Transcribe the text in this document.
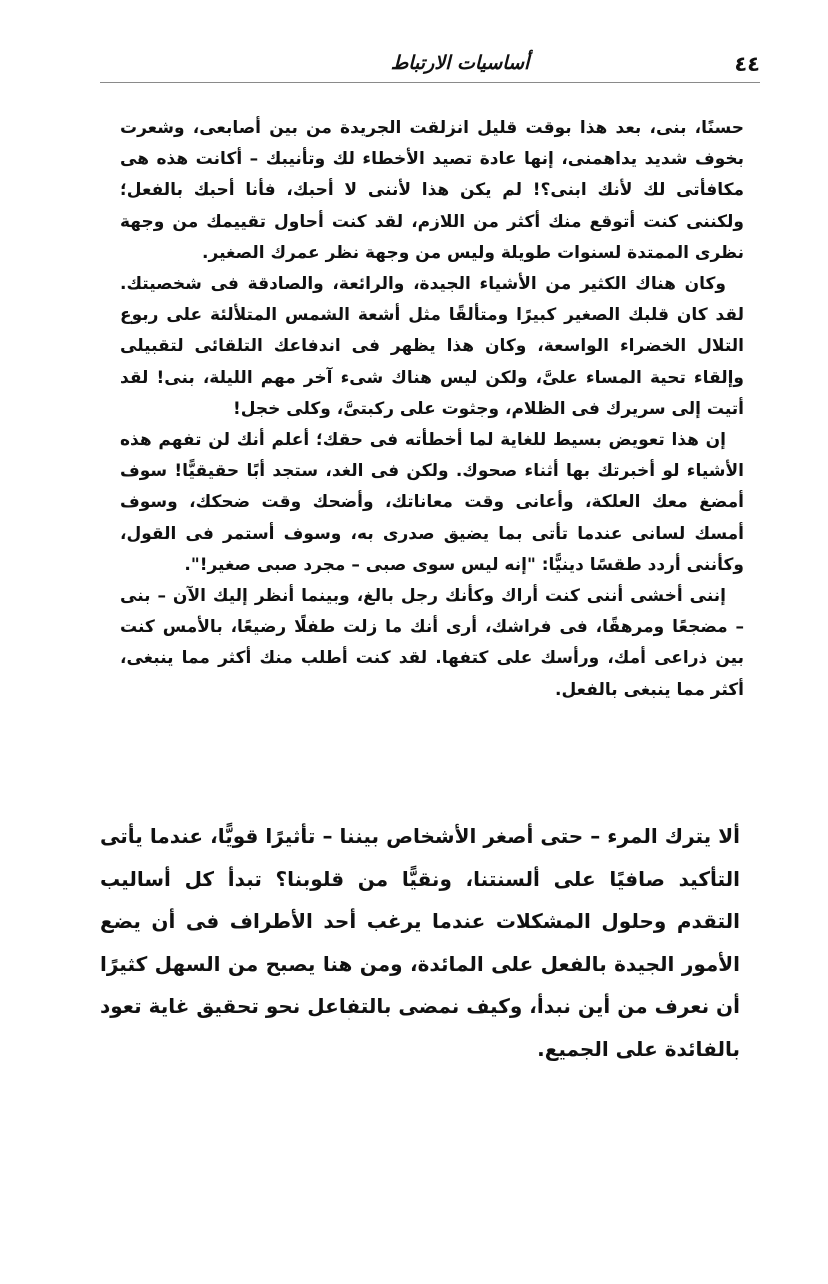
٤٤
أساسيات الارتباط

حسنًا، بنى، بعد هذا بوقت قليل انزلقت الجريدة من بين أصابعى، وشعرت بخوف شديد يداهمنى، إنها عادة تصيد الأخطاء لك وتأنيبك – أكانت هذه هى مكافأتى لك لأنك ابنى؟! لم يكن هذا لأننى لا أحبك، فأنا أحبك بالفعل؛ ولكننى كنت أتوقع منك أكثر من اللازم، لقد كنت أحاول تقييمك من وجهة نظرى الممتدة لسنوات طويلة وليس من وجهة نظر عمرك الصغير.

وكان هناك الكثير من الأشياء الجيدة، والرائعة، والصادقة فى شخصيتك. لقد كان قلبك الصغير كبيرًا ومتألقًا مثل أشعة الشمس المتلألئة على ربوع التلال الخضراء الواسعة، وكان هذا يظهر فى اندفاعك التلقائى لتقبيلى وإلقاء تحية المساء علىَّ، ولكن ليس هناك شىء آخر مهم الليلة، بنى! لقد أتيت إلى سريرك فى الظلام، وجثوت على ركبتىَّ، وكلى خجل!

إن هذا تعويض بسيط للغاية لما أخطأته فى حقك؛ أعلم أنك لن تفهم هذه الأشياء لو أخبرتك بها أثناء صحوك. ولكن فى الغد، ستجد أبًا حقيقيًّا! سوف أمضغ معك العلكة، وأعانى وقت معاناتك، وأضحك وقت ضحكك، وسوف أمسك لسانى عندما تأتى بما يضيق صدرى به، وسوف أستمر فى القول، وكأننى أردد طقسًا دينيًّا: "إنه ليس سوى صبى – مجرد صبى صغير!".

إننى أخشى أننى كنت أراك وكأنك رجل بالغ، وبينما أنظر إليك الآن – بنى – مضجعًا ومرهقًا، فى فراشك، أرى أنك ما زلت طفلًا رضيعًا، بالأمس كنت بين ذراعى أمك، ورأسك على كتفها. لقد كنت أطلب منك أكثر مما ينبغى، أكثر مما ينبغى بالفعل.

ألا يترك المرء – حتى أصغر الأشخاص بيننا – تأثيرًا قويًّا، عندما يأتى التأكيد صافيًا على ألسنتنا، ونقيًّا من قلوبنا؟ تبدأ كل أساليب التقدم وحلول المشكلات عندما يرغب أحد الأطراف فى أن يضع الأمور الجيدة بالفعل على المائدة، ومن هنا يصبح من السهل كثيرًا أن نعرف من أين نبدأ، وكيف نمضى بالتفاعل نحو تحقيق غاية تعود بالفائدة على الجميع.
